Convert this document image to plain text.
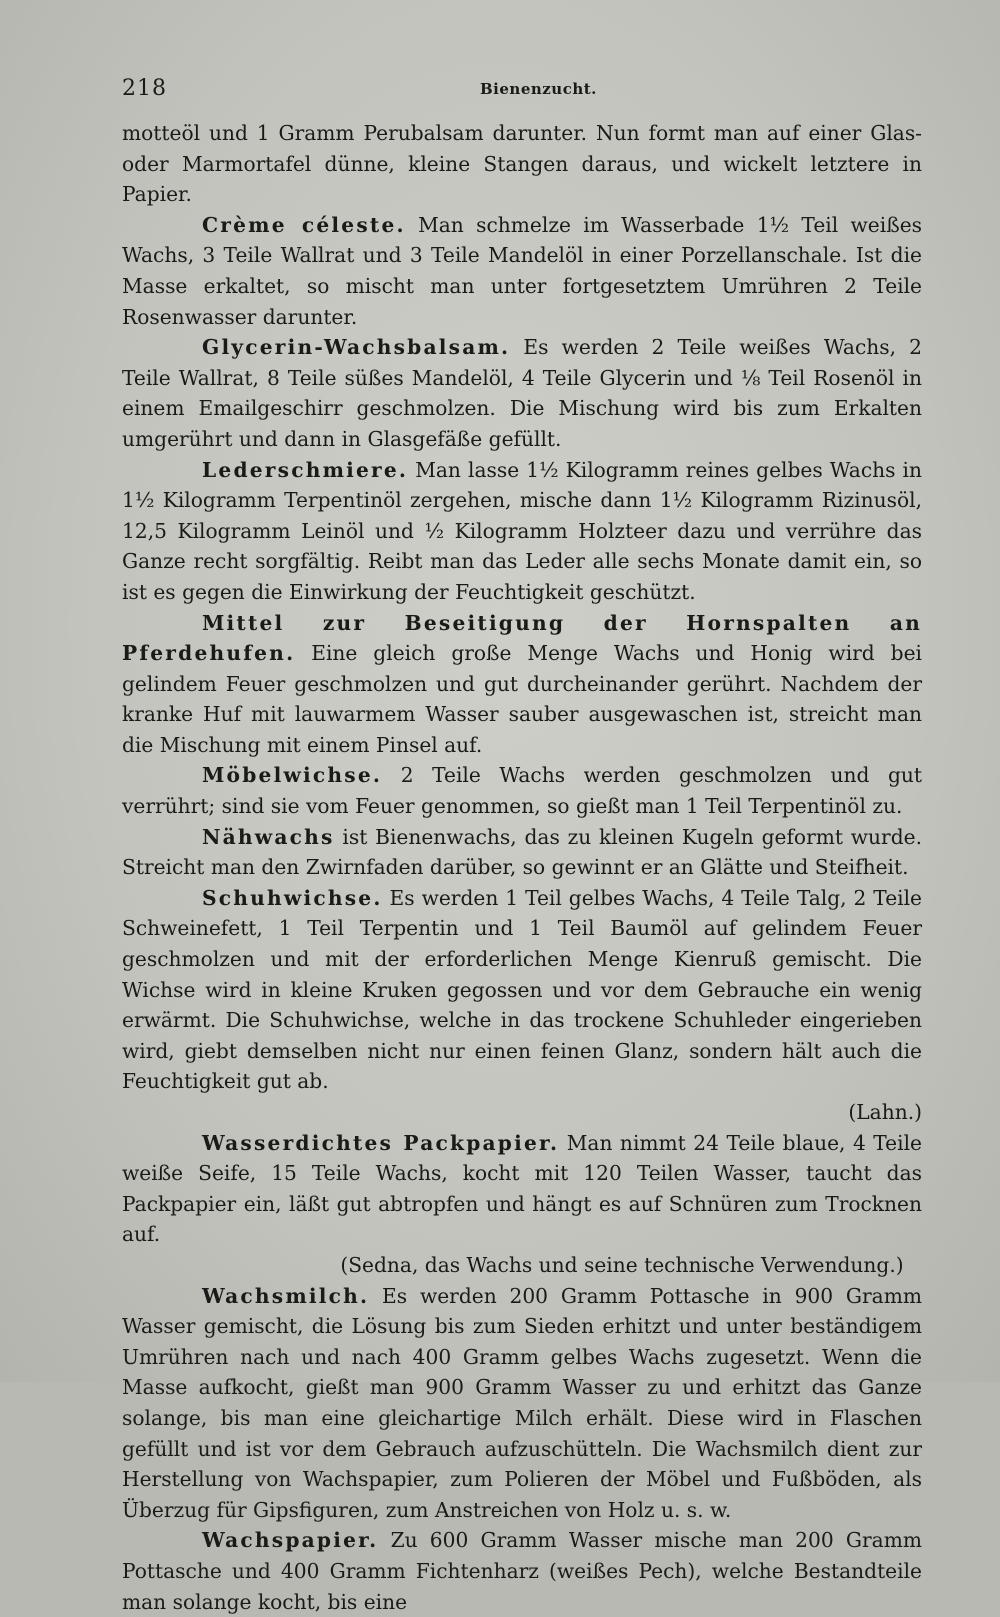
218	Bienenzucht.

motteöl und 1 Gramm Perubalsam darunter. Nun formt man auf einer Glas- oder Marmortafel dünne, kleine Stangen daraus, und wickelt letztere in Papier.

Crème céleste. Man schmelze im Wasserbade 1½ Teil weißes Wachs, 3 Teile Wallrat und 3 Teile Mandelöl in einer Porzellanschale. Ist die Masse erkaltet, so mischt man unter fortgesetztem Umrühren 2 Teile Rosenwasser darunter.

Glycerin-Wachsbalsam. Es werden 2 Teile weißes Wachs, 2 Teile Wallrat, 8 Teile süßes Mandelöl, 4 Teile Glycerin und ⅛ Teil Rosenöl in einem Emailgeschirr geschmolzen. Die Mischung wird bis zum Erkalten umgerührt und dann in Glasgefäße gefüllt.

Lederschmiere. Man lasse 1½ Kilogramm reines gelbes Wachs in 1½ Kilogramm Terpentinöl zergehen, mische dann 1½ Kilogramm Rizinusöl, 12,5 Kilogramm Leinöl und ½ Kilogramm Holzteer dazu und verrühre das Ganze recht sorgfältig. Reibt man das Leder alle sechs Monate damit ein, so ist es gegen die Einwirkung der Feuchtigkeit geschützt.

Mittel zur Beseitigung der Hornspalten an Pferdehufen. Eine gleich große Menge Wachs und Honig wird bei gelindem Feuer geschmolzen und gut durcheinander gerührt. Nachdem der kranke Huf mit lauwarmem Wasser sauber ausgewaschen ist, streicht man die Mischung mit einem Pinsel auf.

Möbelwichse. 2 Teile Wachs werden geschmolzen und gut verrührt; sind sie vom Feuer genommen, so gießt man 1 Teil Terpentinöl zu.

Nähwachs ist Bienenwachs, das zu kleinen Kugeln geformt wurde. Streicht man den Zwirnfaden darüber, so gewinnt er an Glätte und Steifheit.

Schuhwichse. Es werden 1 Teil gelbes Wachs, 4 Teile Talg, 2 Teile Schweinefett, 1 Teil Terpentin und 1 Teil Baumöl auf gelindem Feuer geschmolzen und mit der erforderlichen Menge Kienruß gemischt. Die Wichse wird in kleine Kruken gegossen und vor dem Gebrauche ein wenig erwärmt. Die Schuhwichse, welche in das trockene Schuhleder eingerieben wird, giebt demselben nicht nur einen feinen Glanz, sondern hält auch die Feuchtigkeit gut ab.
(Lahn.)

Wasserdichtes Packpapier. Man nimmt 24 Teile blaue, 4 Teile weiße Seife, 15 Teile Wachs, kocht mit 120 Teilen Wasser, taucht das Packpapier ein, läßt gut abtropfen und hängt es auf Schnüren zum Trocknen auf.
(Sedna, das Wachs und seine technische Verwendung.)

Wachsmilch. Es werden 200 Gramm Pottasche in 900 Gramm Wasser gemischt, die Lösung bis zum Sieden erhitzt und unter beständigem Umrühren nach und nach 400 Gramm gelbes Wachs zugesetzt. Wenn die Masse aufkocht, gießt man 900 Gramm Wasser zu und erhitzt das Ganze solange, bis man eine gleichartige Milch erhält. Diese wird in Flaschen gefüllt und ist vor dem Gebrauch aufzuschütteln. Die Wachsmilch dient zur Herstellung von Wachspapier, zum Polieren der Möbel und Fußböden, als Überzug für Gipsfiguren, zum Anstreichen von Holz u. s. w.

Wachspapier. Zu 600 Gramm Wasser mische man 200 Gramm Pottasche und 400 Gramm Fichtenharz (weißes Pech), welche Bestandteile man solange kocht, bis eine
